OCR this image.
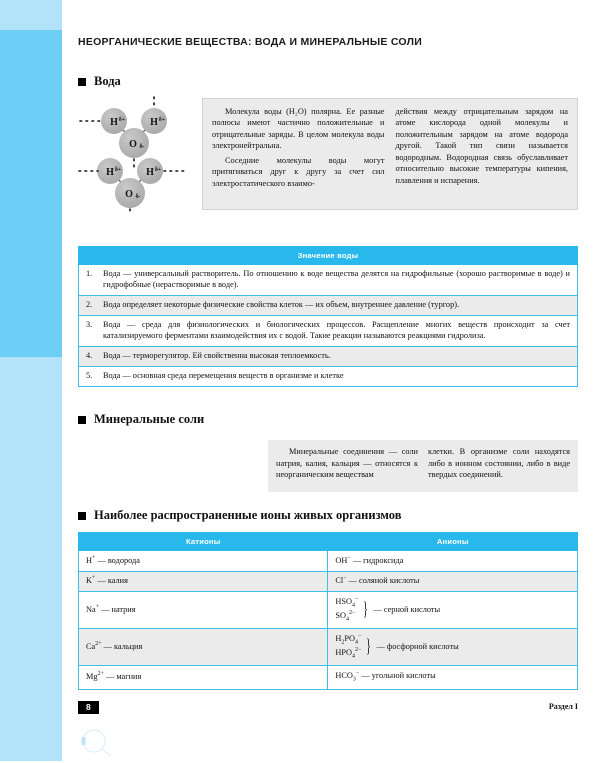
НЕОРГАНИЧЕСКИЕ ВЕЩЕСТВА: ВОДА И МИНЕРАЛЬНЫЕ СОЛИ
Вода
H δ+ H δ+
O δ-
H δ+ H δ+
O δ-

Молекула воды (H₂O) полярна. Ее разные полюсы имеют частично положительные и отрицательные заряды. В целом молекула воды электронейтральна.

Соседние молекулы воды могут притягиваться друг к другу за счет сил электростатического взаимо-

действия между отрицательным зарядом на атоме кислорода одной молекулы и положительным зарядом на атоме водорода другой. Такой тип связи называется водородным. Водородная связь обуславливает относительно высокие температуры кипения, плавления и испарения.

Значение воды

1.	Вода — универсальный растворитель. По отношению к воде вещества делятся на гидрофильные (хорошо растворимые в воде) и гидрофобные (нерастворимые в воде).

2.	Вода определяет некоторые физические свойства клеток — их объем, внутреннее давление (тургор).

3.	Вода — среда для физиологических и биологических процессов. Расщепление многих веществ происходит за счет катализируемого ферментами взаимодействия их с водой. Такие реакции называются реакциями гидролиза.

4.	Вода — терморегулятор. Ей свойственна высокая теплоемкость.

5.	Вода — основная среда перемещения веществ в организме и клетке
Минеральные соли

Минеральные соединения — соли натрия, калия, кальция — относятся к неорганическим веществам

клетки. В организме соли находятся либо в ионном состоянии, либо в виде твердых соединений.

Наиболее распространенные ионы живых организмов
Катионы	Анионы
H+ — водорода	OH− — гидроксида
K+ — калия	Cl− — соляной кислоты
Na+ — натрия	$HSO_4^-$
$SO_4^{2-}$ } — серной кислоты

$Ca^{2+}$ — кальция	$H_2PO_4^-$
$HPO_4^{2-}$ } — фосфорной кислоты

$Mg^{2+}$ — магния	$HCO_3^-$ — угольной кислоты
8	Раздел I
